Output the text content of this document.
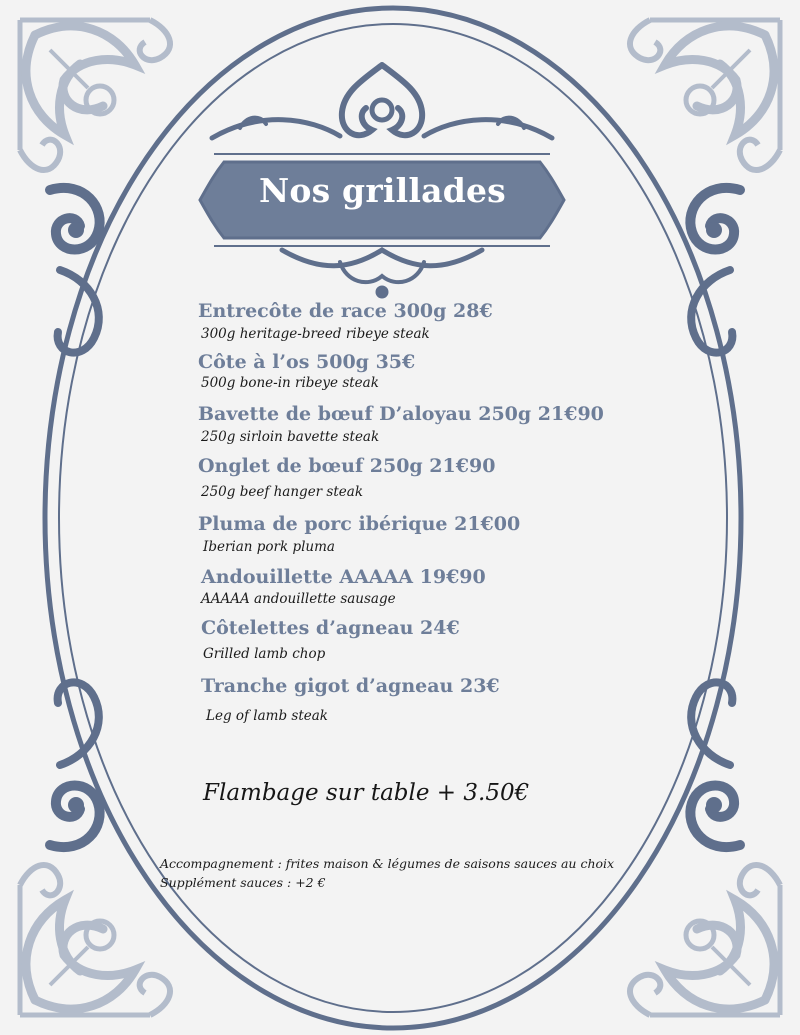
Nos grillades
Entrecôte de race 300g 28€
300g heritage-breed ribeye steak
Côte à l’os 500g 35€
500g bone-in ribeye steak
Bavette de bœuf D’aloyau 250g 21€90
250g sirloin bavette steak
Onglet de bœuf 250g 21€90
250g beef hanger steak
Pluma de porc ibérique 21€00
Iberian pork pluma
Andouillette AAAAA 19€90
AAAAA andouillette sausage
Côtelettes d’agneau 24€
Grilled lamb chop
Tranche gigot d’agneau 23€
Leg of lamb steak
Flambage sur table + 3.50€
Accompagnement : frites maison & légumes de saisons sauces au choix
Supplément sauces : +2 €
